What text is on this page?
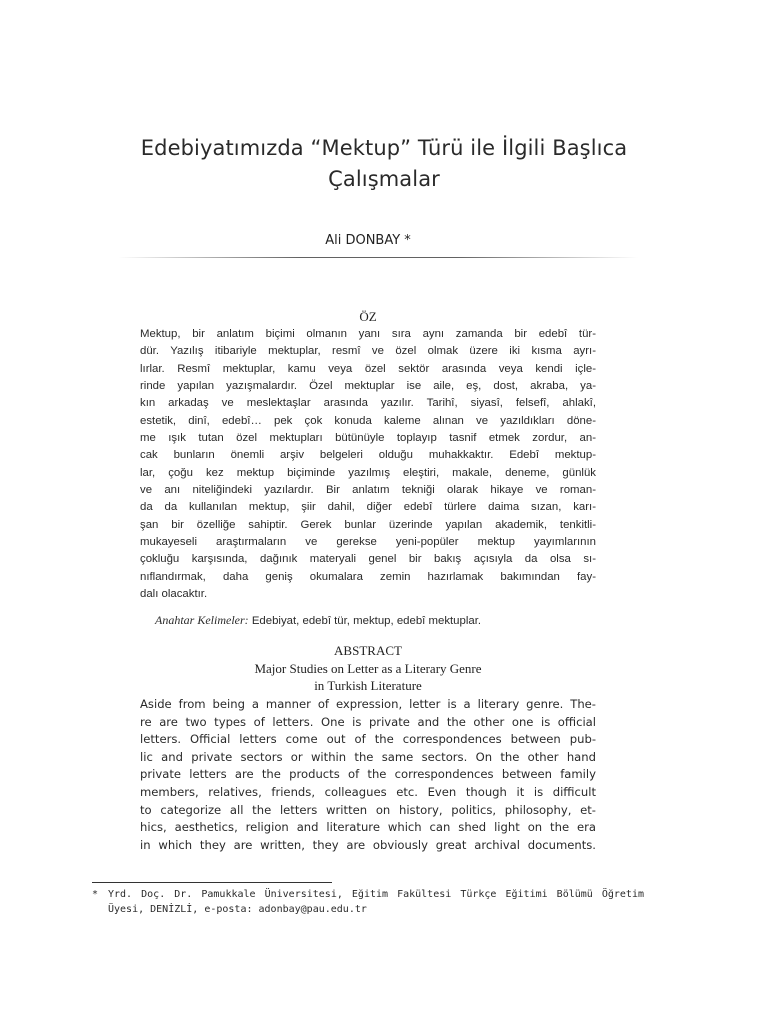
Edebiyatımızda “Mektup” Türü ile İlgili Başlıca
Çalışmalar
Ali DONBAY *
ÖZ
Mektup, bir anlatım biçimi olmanın yanı sıra aynı zamanda bir edebî tür-
dür. Yazılış itibariyle mektuplar, resmî ve özel olmak üzere iki kısma ayrı-
lırlar. Resmî mektuplar, kamu veya özel sektör arasında veya kendi içle-
rinde yapılan yazışmalardır. Özel mektuplar ise aile, eş, dost, akraba, ya-
kın arkadaş ve meslektaşlar arasında yazılır. Tarihî, siyasî, felsefî, ahlakî,
estetik, dinî, edebî… pek çok konuda kaleme alınan ve yazıldıkları döne-
me ışık tutan özel mektupları bütünüyle toplayıp tasnif etmek zordur, an-
cak bunların önemli arşiv belgeleri olduğu muhakkaktır. Edebî mektup-
lar, çoğu kez mektup biçiminde yazılmış eleştiri, makale, deneme, günlük
ve anı niteliğindeki yazılardır. Bir anlatım tekniği olarak hikaye ve roman-
da da kullanılan mektup, şiir dahil, diğer edebî türlere daima sızan, karı-
şan bir özelliğe sahiptir. Gerek bunlar üzerinde yapılan akademik, tenkitli-
mukayeseli araştırmaların ve gerekse yeni-popüler mektup yayımlarının
çokluğu karşısında, dağınık materyali genel bir bakış açısıyla da olsa sı-
nıflandırmak, daha geniş okumalara zemin hazırlamak bakımından fay-
dalı olacaktır.
Anahtar Kelimeler: Edebiyat, edebî tür, mektup, edebî mektuplar.
ABSTRACT
Major Studies on Letter as a Literary Genre
in Turkish Literature
Aside from being a manner of expression, letter is a literary genre. The-
re are two types of letters. One is private and the other one is official
letters. Official letters come out of the correspondences between pub-
lic and private sectors or within the same sectors. On the other hand
private letters are the products of the correspondences between family
members, relatives, friends, colleagues etc. Even though it is difficult
to categorize all the letters written on history, politics, philosophy, et-
hics, aesthetics, religion and literature which can shed light on the era
in which they are written, they are obviously great archival documents.
* Yrd. Doç. Dr. Pamukkale Üniversitesi, Eğitim Fakültesi Türkçe Eğitimi Bölümü Öğretim
Üyesi, DENİZLİ, e-posta: adonbay@pau.edu.tr
